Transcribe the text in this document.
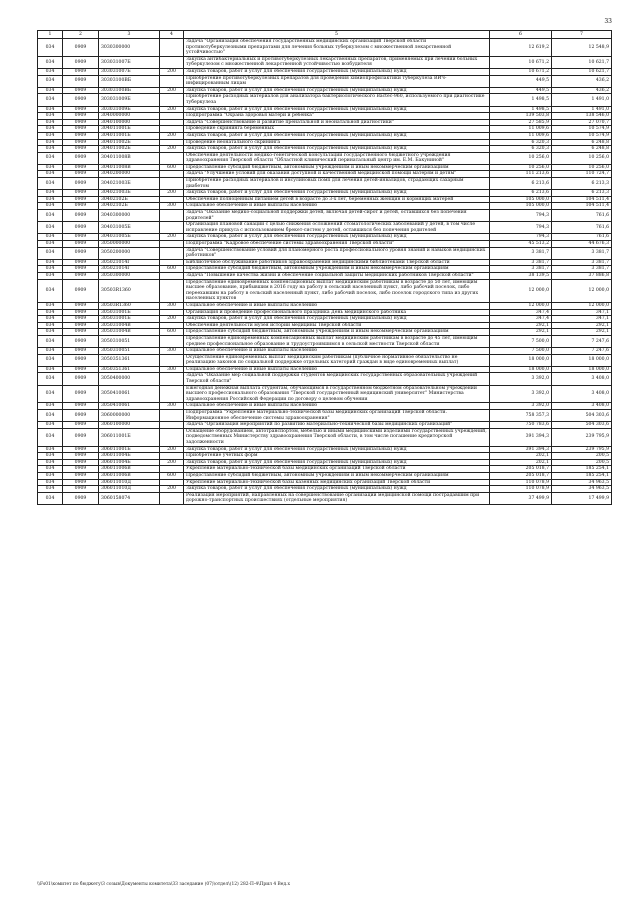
33
1	2	3	4	5	6	7
034	0909	3030300000		Задача "Организация обеспечения государственных медицинских организаций Тверской области противотуберкулезными препаратами для лечения больных туберкулезом с множественной лекарственной устойчивостью"	12 619,2	12 548,9
034	0909	303031007Б		Закупка антибактериальных и противотуберкулезных лекарственных препаратов, применяемых при лечении больных туберкулезом с множественной лекарственной устойчивостью возбудителя	10 671,2	10 621,7
034	0909	303031007Б	200	Закупка товаров, работ и услуг для обеспечения государственных (муниципальных) нужд	10 671,2	10 621,7
034	0909	30303100ВБ		Приобретение противотуберкулезных препаратов для проведения химиопрофилактики туберкулеза ВИЧ-инфицированным лицам	449,5	436,2
034	0909	30303100ВБ	200	Закупка товаров, работ и услуг для обеспечения государственных (муниципальных) нужд	449,5	436,2
034	0909	303031009Б		Приобретение расходных материалов для анализатора бактериологического Васtес-960, используемого при диагностике туберкулеза	1 498,5	1 491,0
034	0909	303031009Б	200	Закупка товаров, работ и услуг для обеспечения государственных (муниципальных) нужд	1 498,5	1 491,0
034	0909	3040000000		Подпрограмма "Охрана здоровья матери и ребенка"	139 503,8	138 546,0
034	0909	3040100000		Задача "Совершенствование и развитие пренатальной и неонатальной диагностики"	27 585,9	27 070,7
034	0909	304011001Б		Проведение скрининга беременных	11 009,6	10 574,9
034	0909	304011001Б	200	Закупка товаров, работ и услуг для обеспечения государственных (муниципальных) нужд	11 009,6	10 574,9
034	0909	304011002Б		Проведение неонатального скрининга	6 320,3	6 248,8
034	0909	304011002Б	200	Закупка товаров, работ и услуг для обеспечения государственных (муниципальных) нужд	6 320,3	6 248,8
034	0909	304011008В		Обеспечение деятельности медико-генетической консультации государственного бюджетного учреждения здравоохранения Тверской области "Областной клинический перинатальный центр им. Е.М. Бакуниной"	10 256,0	10 256,0
034	0909	304011008В	600	Предоставление субсидий бюджетным, автономным учреждениям и иным некоммерческим организациям	10 256,0	10 256,0
034	0909	3040200000		Задача "Улучшение условий для оказания доступной и качественной медицинской помощи матерям и детям"	111 213,6	110 724,7
034	0909	304021003Б		Приобретение расходных материалов и инсулиновых помп для лечения детей-инвалидов, страдающих сахарным диабетом	6 213,6	6 213,3
034	0909	304021003Б	200	Закупка товаров, работ и услуг для обеспечения государственных (муниципальных) нужд	6 213,6	6 213,3
034	0909	30402102Б		Обеспечение полноценным питанием детей в возрасте до 3-х лет, беременных женщин и кормящих матерей	105 000,0	104 511,4
034	0909	30402102Б	300	Социальное обеспечение и иные выплаты населению	105 000,0	104 511,4
034	0909	3040300000		Задача "Оказание медико-социальной поддержки детей, включая детей-сирот и детей, оставшихся без попечения родителей"	794,3	761,6
034	0909	304031005Б		Организация плановой санации с целью снижения осложнений стоматологических заболеваний у детей, в том числе исправление прикуса с использованием брекет-систем у детей, оставшихся без попечения родителей	794,3	761,6
034	0909	304031005Б	200	Закупка товаров, работ и услуг для обеспечения государственных (муниципальных) нужд	794,3	761,6
034	0909	3050000000		Подпрограмма "Кадровое обеспечение системы здравоохранения Тверской области"	45 513,2	44 676,3
034	0909	3050200000		Задача "Совершенствование условий для планомерного роста профессионального уровня знаний и навыков медицинских работников"	3 381,7	3 381,7
034	0909	305021014Г		Библиотечное обслуживание работников здравоохранения медицинскими библиотеками Тверской области	3 381,7	3 381,7
034	0909	305021014Г	600	Предоставление субсидий бюджетным, автономным учреждениям и иным некоммерческим организациям	3 381,7	3 381,7
034	0909	3050300000		Задача "Повышение качества жизни и обеспечение социальной защиты медицинских работников Тверской области"	38 139,5	37 886,8
034	0909	30503R1360		Предоставление единовременных компенсационных выплат медицинским работникам в возрасте до 50 лет, имеющим высшее образование, прибывшим в 2016 году на работу в сельский населенный пункт, либо рабочий поселок, либо переехавшим на работу в сельский населенный пункт, либо рабочий поселок, либо поселок городского типа из других населенных пунктов	12 000,0	12 000,0
034	0909	30503R1360	300	Социальное обеспечение и иные выплаты населению	12 000,0	12 000,0
034	0909	305031001Б		Организация и проведение профессионального праздника День медицинского работника	347,4	347,1
034	0909	305031001Б	200	Закупка товаров, работ и услуг для обеспечения государственных (муниципальных) нужд	347,4	347,1
034	0909	305031004В		Обеспечение деятельности музея истории медицины Тверской области	292,1	292,1
034	0909	305031004В	600	Предоставление субсидий бюджетным, автономным учреждениям и иным некоммерческим организациям	292,1	292,1
034	0909	3050310051		Предоставление единовременных компенсационных выплат медицинским работникам в возрасте до 45 лет, имеющим среднее профессиональное образование и трудоустроившимся в сельской местности Тверской области	7 500,0	7 247,6
034	0909	3050310051	300	Социальное обеспечение и иные выплаты населению	7 500,0	7 247,6
034	0909	3050351361		Осуществление единовременных выплат медицинским работникам (публичное нормативное обязательство не реализацию законов по социальной поддержке отдельных категорий граждан в виде единовременных выплат)	18 000,0	18 000,0
034	0909	3050351361	300	Социальное обеспечение и иные выплаты населению	18 000,0	18 000,0
034	0909	3050400000		Задача "Оказание мер социальной поддержки студентов медицинских государственных образовательных учреждений Тверской области"	3 392,0	3 408,0
034	0909	3050410061		Ежегодная денежная выплата студентам, обучающимся в государственном бюджетном образовательном учреждении высшего профессионального образования "Тверской государственный медицинский университет" Министерства здравоохранения Российской Федерации по договору о целевом обучении	3 392,0	3 408,0
034	0909	3050410061	300	Социальное обеспечение и иные выплаты населению	3 392,0	3 408,0
034	0909	3060000000		Подпрограмма "Укрепление материально-технической базы медицинских организаций Тверской области. Информационное обеспечение системы здравоохранения"	758 357,3	504 303,6
034	0909	3060100000		Задача "Организация мероприятий по развитию материально-технической базы медицинских организаций"	750 783,6	504 303,6
034	0909	306011001Б		Оснащение оборудованием, автотранспортом, мебелью и иными медицинскими изделиями государственных учреждений, подведомственных Министерству здравоохранения Тверской области, в том числе погашение кредиторской задолженности	391 394,3	239 795,9
034	0909	306011001Б	200	Закупка товаров, работ и услуг для обеспечения государственных (муниципальных) нужд	391 394,3	239 795,9
034	0909	306011004Б		Приобретение учетных форм	202,1	200,5
034	0909	306011004Б	200	Закупка товаров, работ и услуг для обеспечения государственных (муниципальных) нужд	202,1	200,5
034	0909	306011006В		Укрепление материально-технической базы медицинских организаций Тверской области	205 018,7	185 254,1
034	0909	306011006В	600	Предоставление субсидий бюджетным, автономным учреждениям и иным некоммерческим организациям	205 018,7	185 254,1
034	0909	306011010Д		Укрепление материально-технической базы казенных медицинских организаций Тверской области	110 078,9	34 963,5
034	0909	306011010Д	200	Закупка товаров, работ и услуг для обеспечения государственных (муниципальных) нужд	110 078,9	34 963,5
034	0909	3060158074		Реализация мероприятий, направленных на совершенствование организации медицинской помощи пострадавшим при дорожно-транспортных происшествиях (отдельные мероприятия)	37 499,9	17 499,9
\\Fs01\комитет по бюджету\3 созыв\Документы комитета\33 заседание (07)\отдел\(12) 282-П-4\Прил 4 Вед.х
